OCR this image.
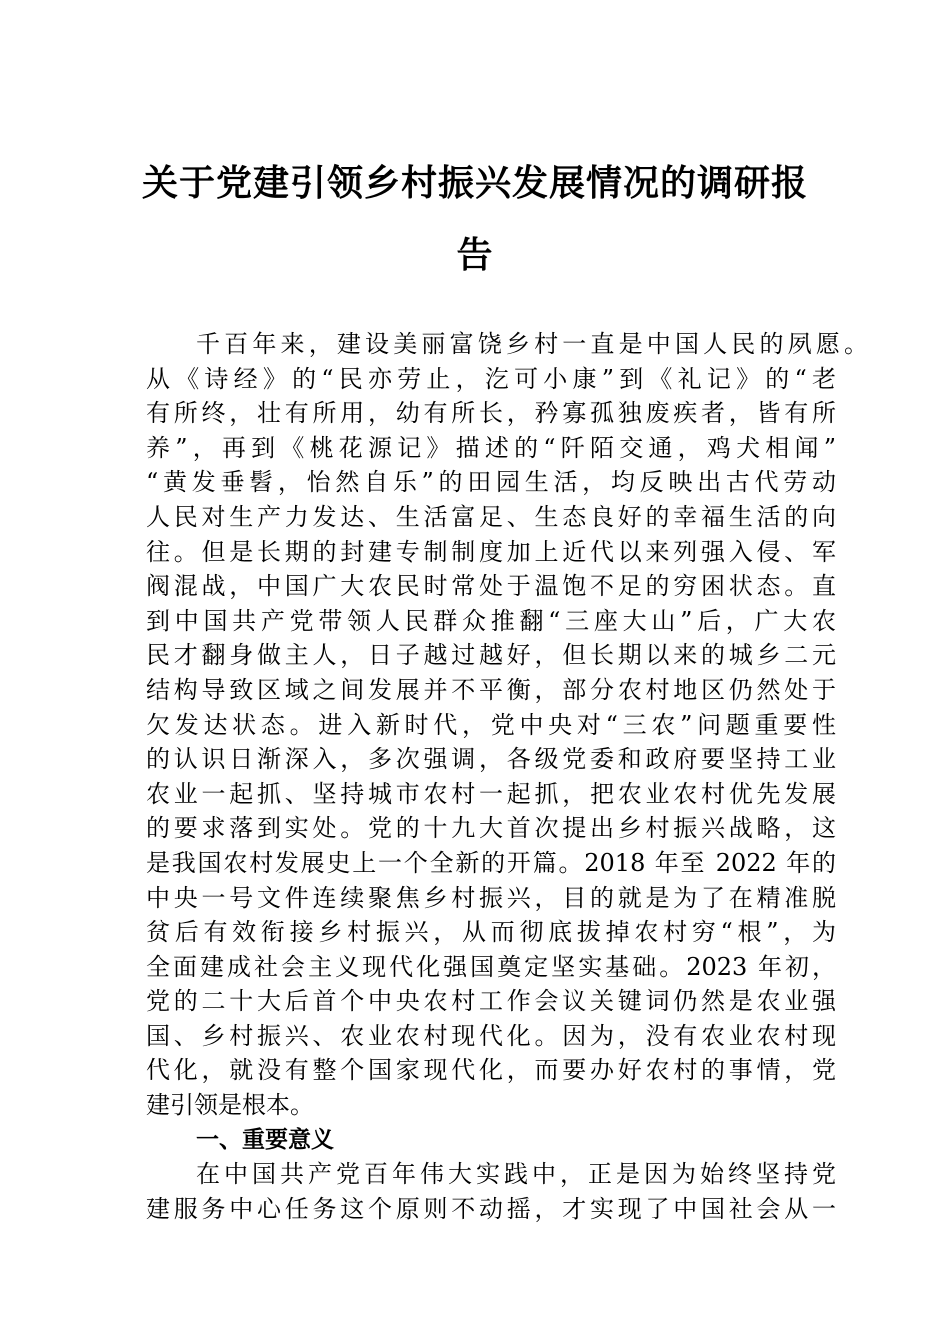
关于党建引领乡村振兴发展情况的调研报
告
千百年来，建设美丽富饶乡村一直是中国人民的夙愿。
从《诗经》的“民亦劳止，汔可小康”到《礼记》的“老
有所终，壮有所用，幼有所长，矜寡孤独废疾者，皆有所
养”，再到《桃花源记》描述的“阡陌交通，鸡犬相闻”
“黄发垂髫，怡然自乐”的田园生活，均反映出古代劳动
人民对生产力发达、生活富足、生态良好的幸福生活的向
往。但是长期的封建专制制度加上近代以来列强入侵、军
阀混战，中国广大农民时常处于温饱不足的穷困状态。直
到中国共产党带领人民群众推翻“三座大山”后，广大农
民才翻身做主人，日子越过越好，但长期以来的城乡二元
结构导致区域之间发展并不平衡，部分农村地区仍然处于
欠发达状态。进入新时代，党中央对“三农”问题重要性
的认识日渐深入，多次强调，各级党委和政府要坚持工业
农业一起抓、坚持城市农村一起抓，把农业农村优先发展
的要求落到实处。党的十九大首次提出乡村振兴战略，这
是我国农村发展史上一个全新的开篇。2018 年至 2022 年的
中央一号文件连续聚焦乡村振兴，目的就是为了在精准脱
贫后有效衔接乡村振兴，从而彻底拔掉农村穷“根”，为
全面建成社会主义现代化强国奠定坚实基础。2023 年初，
党的二十大后首个中央农村工作会议关键词仍然是农业强
国、乡村振兴、农业农村现代化。因为，没有农业农村现
代化，就没有整个国家现代化，而要办好农村的事情，党
建引领是根本。
一、重要意义
在中国共产党百年伟大实践中，正是因为始终坚持党
建服务中心任务这个原则不动摇，才实现了中国社会从一
